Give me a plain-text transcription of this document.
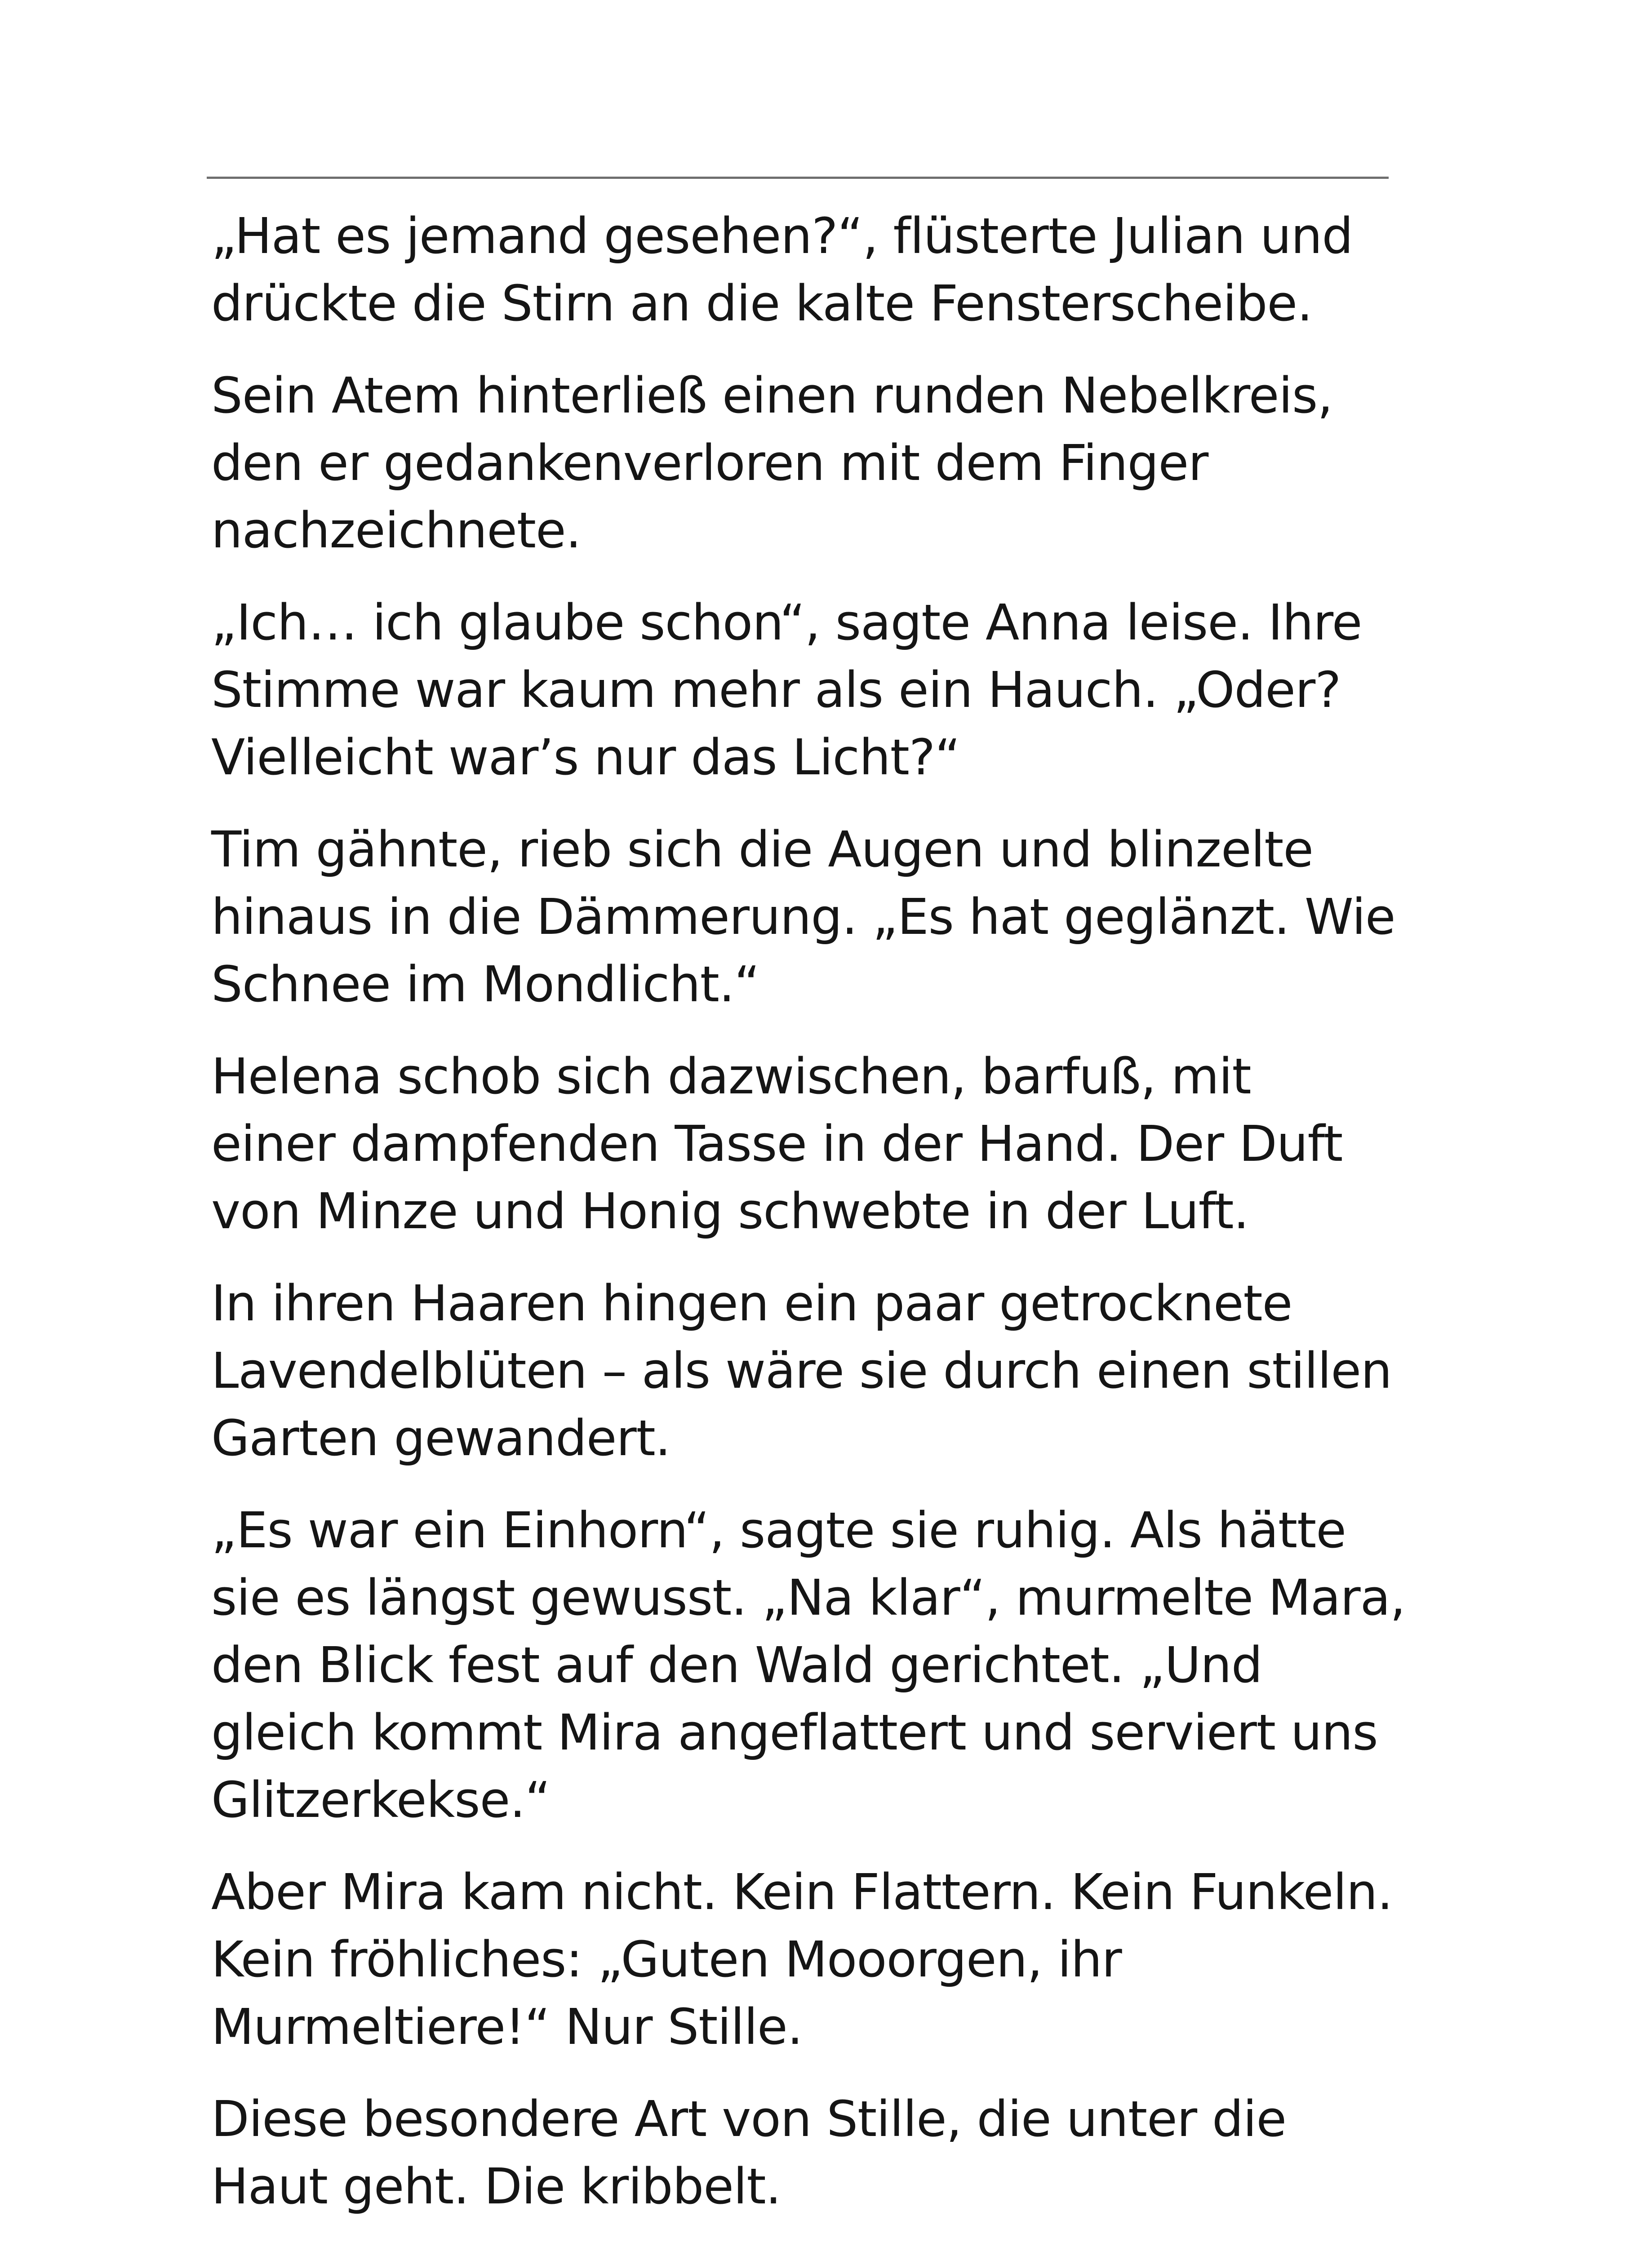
„Hat es jemand gesehen?“, flüsterte Julian und
drückte die Stirn an die kalte Fensterscheibe.

Sein Atem hinterließ einen runden Nebelkreis,
den er gedankenverloren mit dem Finger
nachzeichnete.

„Ich… ich glaube schon“, sagte Anna leise. Ihre
Stimme war kaum mehr als ein Hauch. „Oder?
Vielleicht war’s nur das Licht?“

Tim gähnte, rieb sich die Augen und blinzelte
hinaus in die Dämmerung. „Es hat geglänzt. Wie
Schnee im Mondlicht.“

Helena schob sich dazwischen, barfuß, mit
einer dampfenden Tasse in der Hand. Der Duft
von Minze und Honig schwebte in der Luft.

In ihren Haaren hingen ein paar getrocknete
Lavendelblüten – als wäre sie durch einen stillen
Garten gewandert.

„Es war ein Einhorn“, sagte sie ruhig. Als hätte
sie es längst gewusst. „Na klar“, murmelte Mara,
den Blick fest auf den Wald gerichtet. „Und
gleich kommt Mira angeflattert und serviert uns
Glitzerkekse.“

Aber Mira kam nicht. Kein Flattern. Kein Funkeln.
Kein fröhliches: „Guten Mooorgen, ihr
Murmeltiere!“ Nur Stille.

Diese besondere Art von Stille, die unter die
Haut geht. Die kribbelt.
